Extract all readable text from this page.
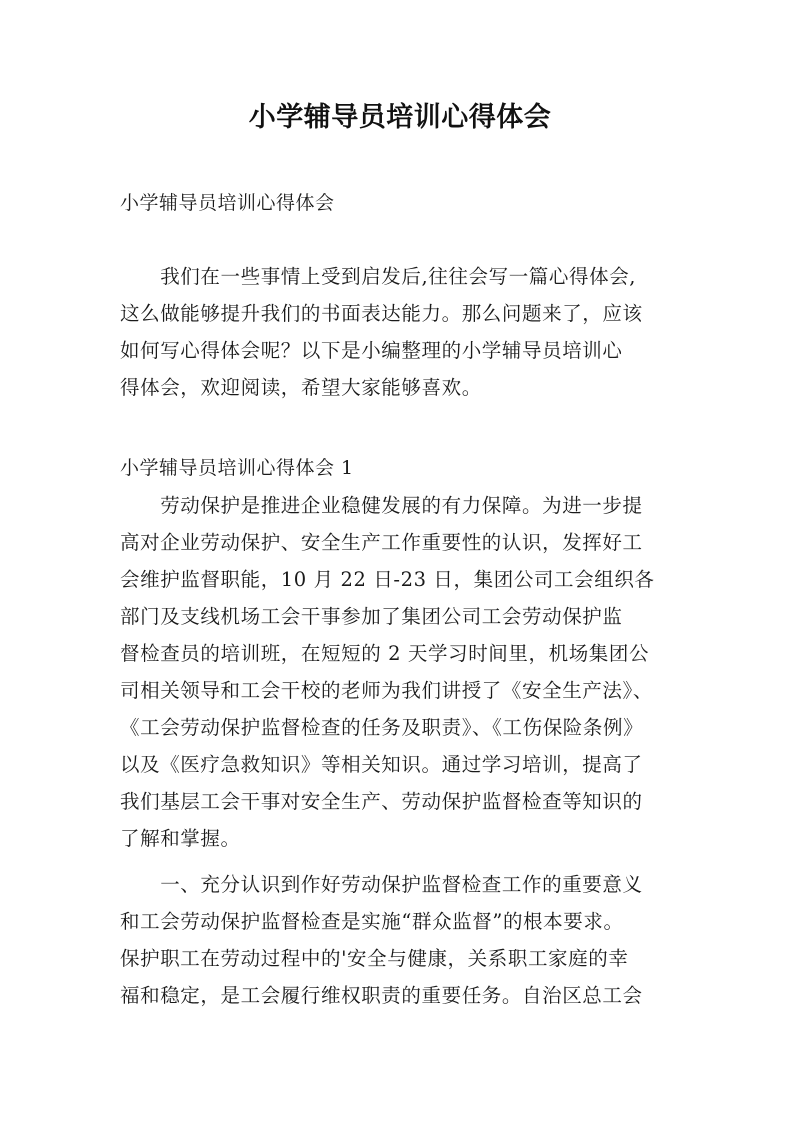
小学辅导员培训心得体会
小学辅导员培训心得体会
　　我们在一些事情上受到启发后,往往会写一篇心得体会,
这么做能够提升我们的书面表达能力。那么问题来了，应该
如何写心得体会呢？以下是小编整理的小学辅导员培训心
得体会，欢迎阅读，希望大家能够喜欢。
小学辅导员培训心得体会 1
　　劳动保护是推进企业稳健发展的有力保障。为进一步提
高对企业劳动保护、安全生产工作重要性的认识，发挥好工
会维护监督职能，10 月 22 日-23 日，集团公司工会组织各
部门及支线机场工会干事参加了集团公司工会劳动保护监
督检查员的培训班，在短短的 2 天学习时间里，机场集团公
司相关领导和工会干校的老师为我们讲授了《安全生产法》、
《工会劳动保护监督检查的任务及职责》、《工伤保险条例》
以及《医疗急救知识》等相关知识。通过学习培训，提高了
我们基层工会干事对安全生产、劳动保护监督检查等知识的
了解和掌握。
　　一、充分认识到作好劳动保护监督检查工作的重要意义
和工会劳动保护监督检查是实施“群众监督”的根本要求。
保护职工在劳动过程中的'安全与健康，关系职工家庭的幸
福和稳定，是工会履行维权职责的重要任务。自治区总工会
